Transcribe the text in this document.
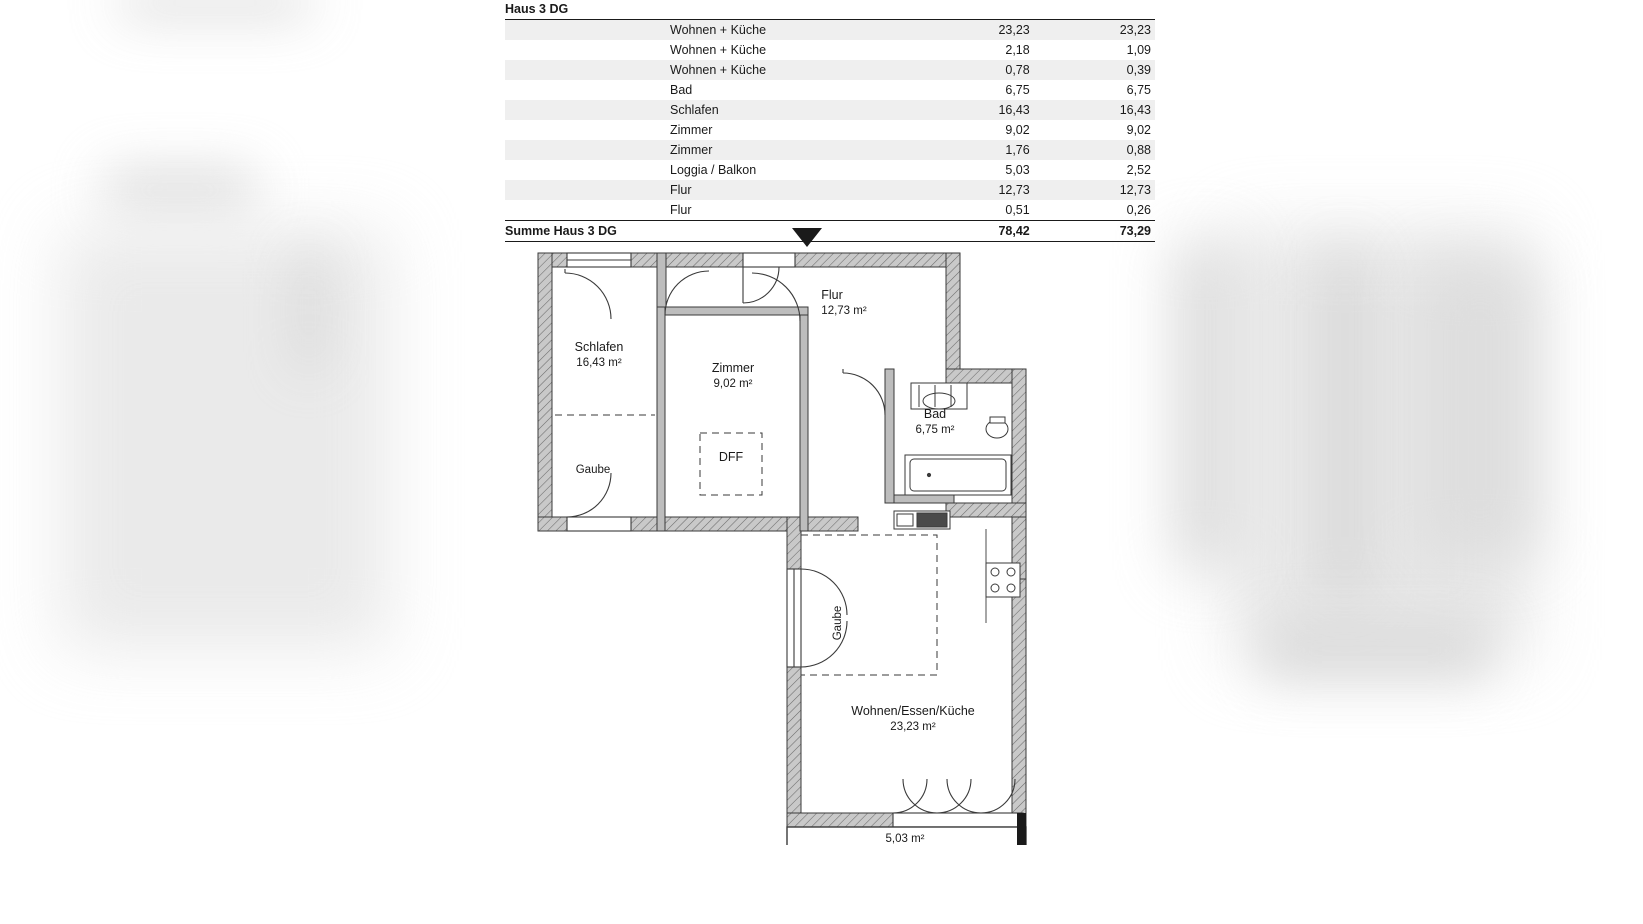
Haus 3 DG		
Wohnen + Küche	23,23	23,23
Wohnen + Küche	2,18	1,09
Wohnen + Küche	0,78	0,39
Bad	6,75	6,75
Schlafen	16,43	16,43
Zimmer	9,02	9,02
Zimmer	1,76	0,88
Loggia / Balkon	5,03	2,52
Flur	12,73	12,73
Flur	0,51	0,26
Summe Haus 3 DG	78,42	73,29
Flur
12,73 m²
Schlafen
16,43 m²	Zimmer
9,02 m²
Bad
6,75 m²
Wohnen/Essen/Küche
23,23 m²
5,03 m²
DFF
Gaube
Gaube
